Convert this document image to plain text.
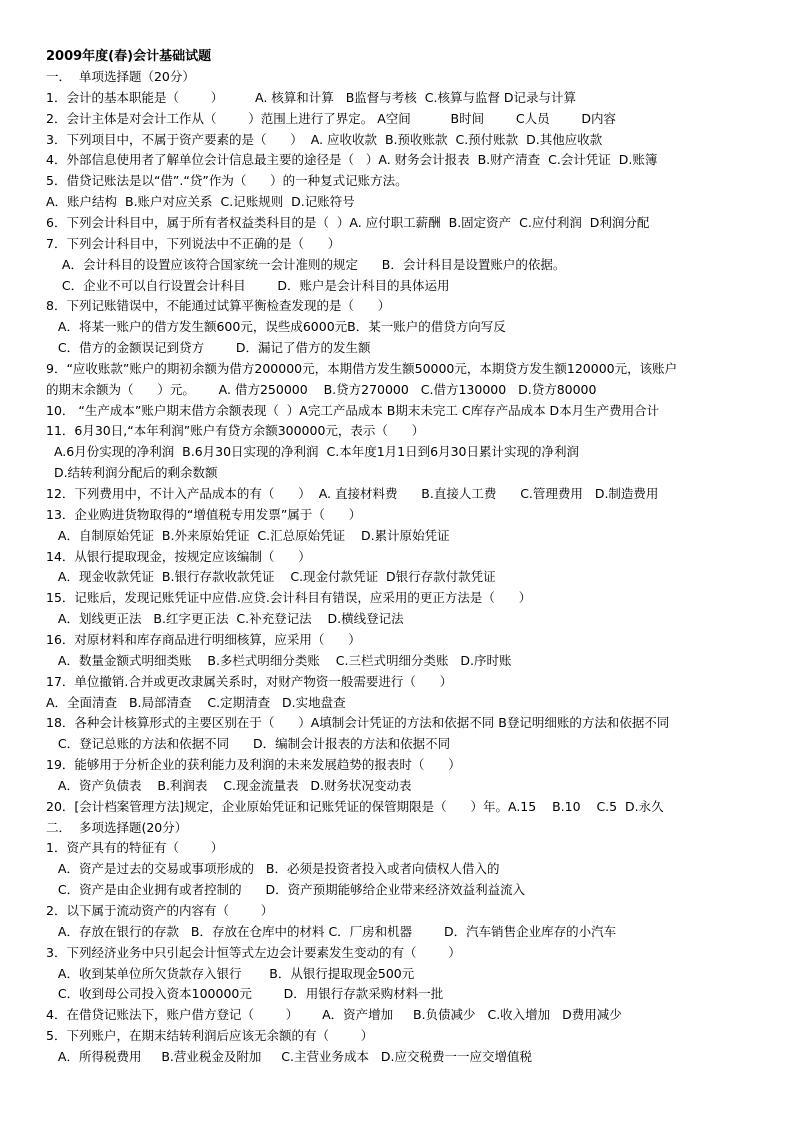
2009年度(春)会计基础试题
一．  单项选择题（20分）
1．会计的基本职能是（        ）        A. 核算和计算   B监督与考核  C.核算与监督 D记录与计算
2．会计主体是对会计工作从（        ）范围上进行了界定。 A空间          B时间        C人员        D内容
3．下列项目中，不属于资产要素的是（      ）  A. 应收收款  B.预收账款  C.预付账款  D.其他应收款
4．外部信息使用者了解单位会计信息最主要的途径是（   ）A. 财务会计报表  B.财产清查  C.会计凭证  D.账簿
5．借贷记账法是以“借”.“贷”作为（      ）的一种复式记账方法。
A．账户结构  B.账户对应关系  C.记账规则  D.记账符号
6．下列会计科目中，属于所有者权益类科目的是（  ）A. 应付职工薪酬  B.固定资产  C.应付利润  D利润分配
7．下列会计科目中，下列说法中不正确的是（      ）
A．会计科目的设置应该符合国家统一会计准则的规定      B．会计科目是设置账户的依据。
C．企业不可以自行设置会计科目        D．账户是会计科目的具体运用
8．下列记账错误中，不能通过试算平衡检查发现的是（      ）
A．将某一账户的借方发生额600元，误些成6000元B．某一账户的借贷方向写反
C．借方的金额误记到贷方        D．漏记了借方的发生额
9．“应收账款”账户的期初余额为借方200000元，本期借方发生额50000元，本期贷方发生额120000元，该账户
的期末余额为（      ）元。      A. 借方250000    B.贷方270000   C.借方130000   D.贷方80000
10． “生产成本”账户期末借方余额表现（  ）A完工产品成本 B期末未完工 C库存产品成本 D本月生产费用合计
11．6月30日,“本年利润”账户有贷方余额300000元，表示（      ）
A.6月份实现的净利润  B.6月30日实现的净利润  C.本年度1月1日到6月30日累计实现的净利润
D.结转利润分配后的剩余数额
12．下列费用中，不计入产品成本的有（      ）  A. 直接材料费      B.直接人工费      C.管理费用   D.制造费用
13．企业购进货物取得的“增值税专用发票”属于（      ）
A．自制原始凭证  B.外来原始凭证  C.汇总原始凭证    D.累计原始凭证
14．从银行提取现金，按规定应该编制（      ）
A．现金收款凭证  B.银行存款收款凭证    C.现金付款凭证  D银行存款付款凭证
15．记账后，发现记账凭证中应借.应贷.会计科目有错误，应采用的更正方法是（      ）
A．划线更正法   B.红字更正法  C.补充登记法    D.横线登记法
16．对原材料和库存商品进行明细核算，应采用（      ）
A．数量金额式明细类账    B.多栏式明细分类账    C.三栏式明细分类账   D.序时账
17．单位撤销.合并或更改隶属关系时，对财产物资一般需要进行（      ）
A．全面清查   B.局部清查    C.定期清查   D.实地盘查
18．各种会计核算形式的主要区别在于（      ）A填制会计凭证的方法和依据不同 B登记明细账的方法和依据不同
C．登记总账的方法和依据不同      D．编制会计报表的方法和依据不同
19．能够用于分析企业的获利能力及利润的未来发展趋势的报表时（      ）
A．资产负债表    B.利润表    C.现金流量表   D.财务状况变动表
20．[会计档案管理方法]规定，企业原始凭证和记账凭证的保管期限是（      ）年。A.15    B.10    C.5  D.永久
二．  多项选择题(20分）
1．资产具有的特征有（        ）
A．资产是过去的交易或事项形成的   B．必须是投资者投入或者向债权人借入的
C．资产是由企业拥有或者控制的      D．资产预期能够给企业带来经济效益利益流入
2．以下属于流动资产的内容有（        ）
A．存放在银行的存款   B．存放在仓库中的材料 C．厂房和机器        D．汽车销售企业库存的小汽车
3．下列经济业务中只引起会计恒等式左边会计要素发生变动的有（        ）
A．收到某单位所欠货款存入银行       B．从银行提取现金500元
C．收到母公司投入资本100000元        D．用银行存款采购材料一批
4．在借贷记账法下，账户借方登记（        ）      A．资产增加     B.负债减少   C.收入增加   D费用减少
5．下列账户，在期末结转利润后应该无余额的有（        ）
A．所得税费用     B.营业税金及附加     C.主营业务成本   D.应交税费一一应交增值税
